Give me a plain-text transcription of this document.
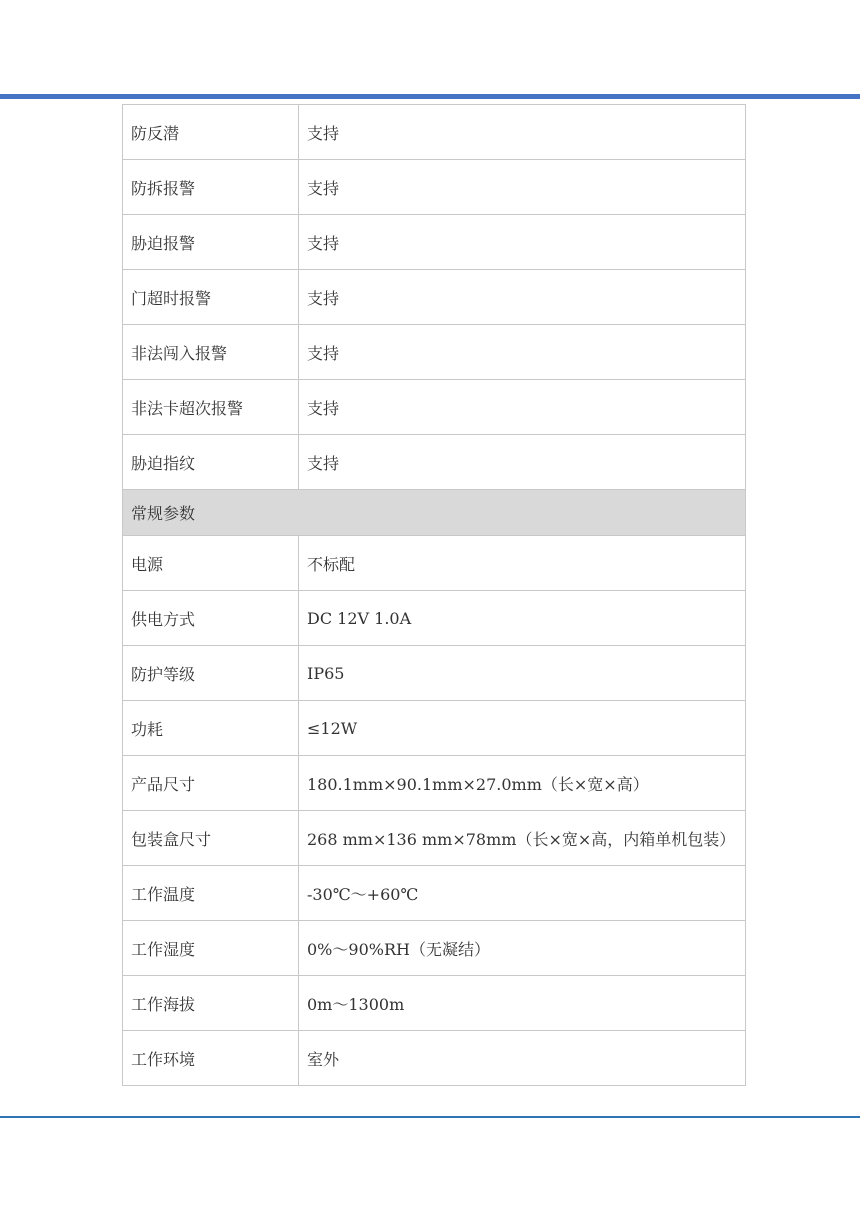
防反潜	支持
防拆报警	支持
胁迫报警	支持
门超时报警	支持
非法闯入报警	支持
非法卡超次报警	支持
胁迫指纹	支持
常规参数	
电源	不标配
供电方式	DC 12V 1.0A
防护等级	IP65
功耗	≤12W
产品尺寸	180.1mm×90.1mm×27.0mm（长×宽×高）
包装盒尺寸	268 mm×136 mm×78mm（长×宽×高，内箱单机包装）
工作温度	-30℃～+60℃
工作湿度	0%～90%RH（无凝结）
工作海拔	0m～1300m
工作环境	室外
